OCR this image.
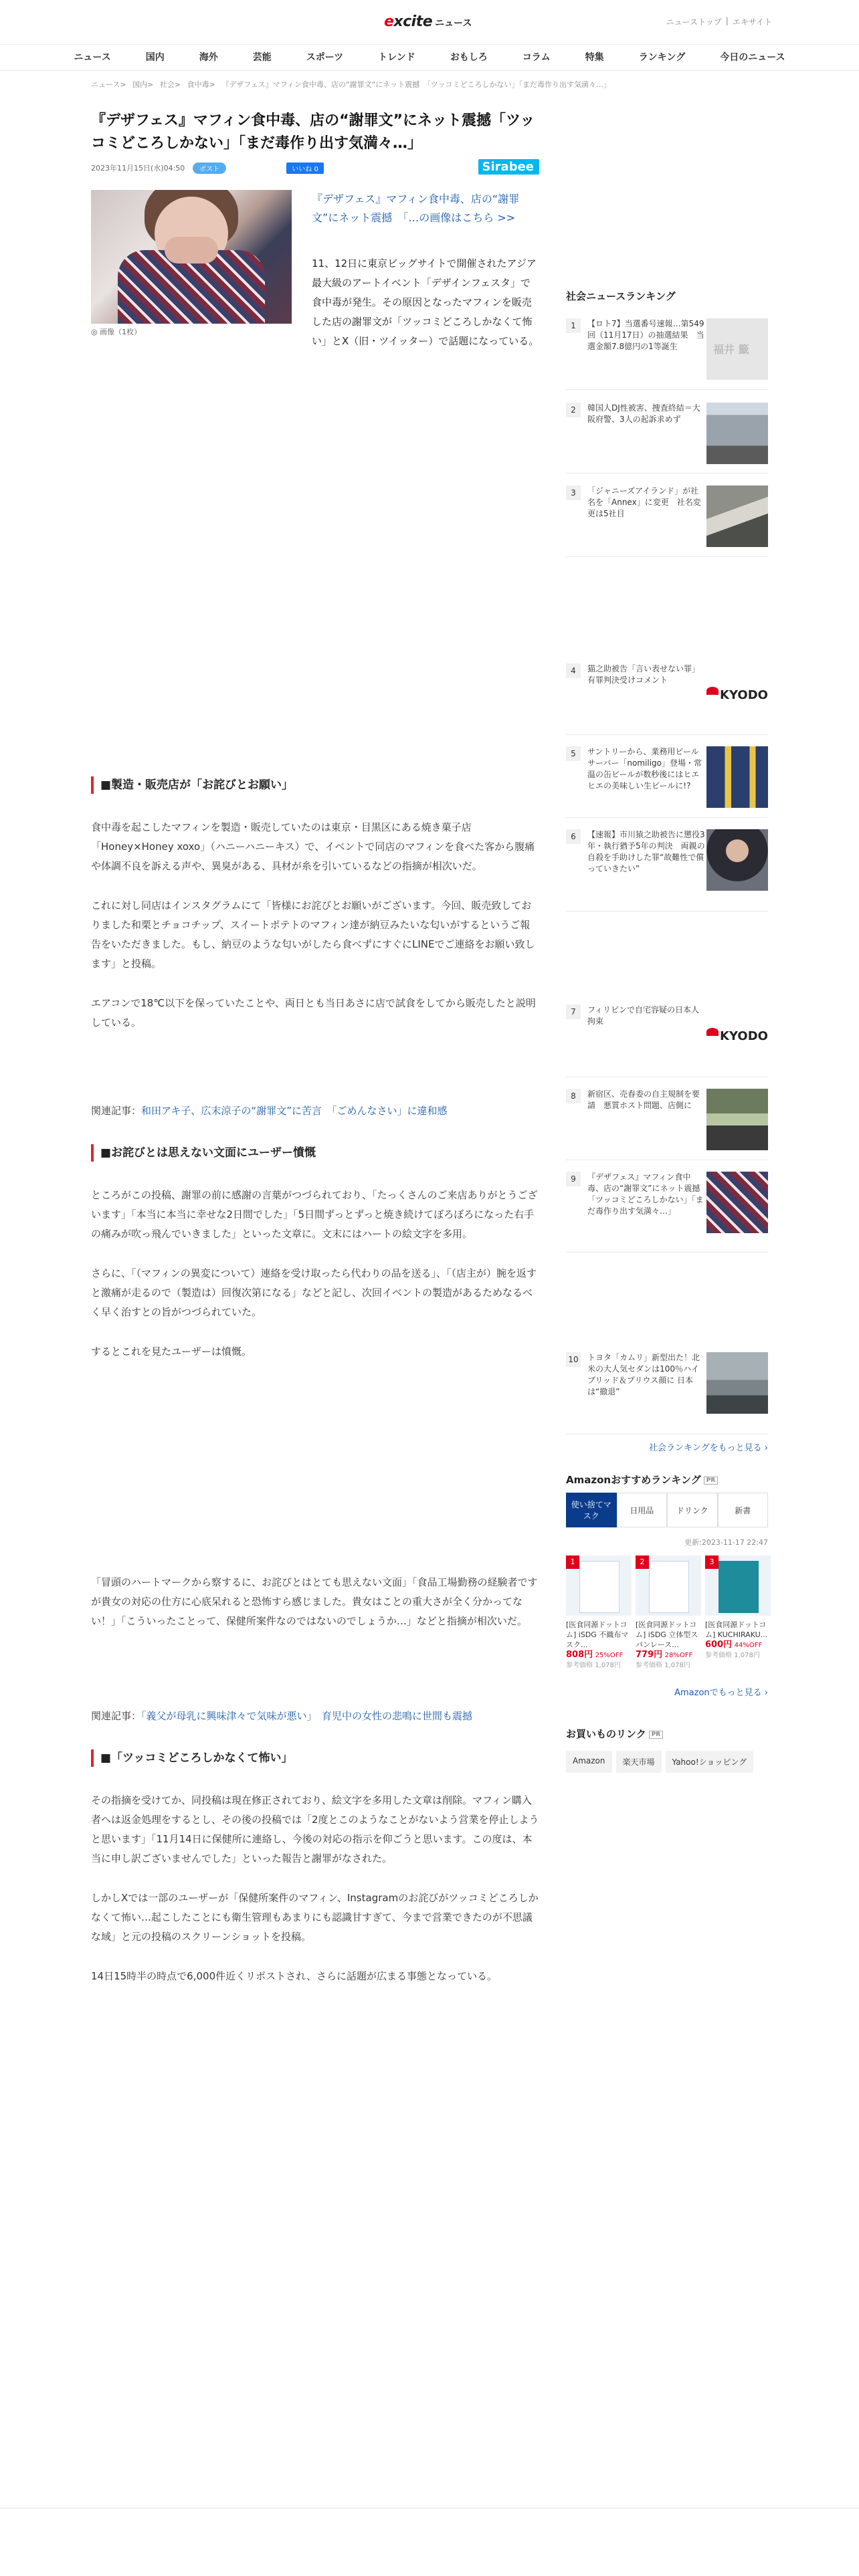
excite ニュース	ニューストップ | エキサイト
ニュース	国内	海外	芸能	スポーツ	トレンド	おもしろ	コラム	特集	ランキング	今日のニュース
ニュース> 国内> 社会> 食中毒> 『デザフェス』マフィン食中毒、店の“謝罪文”にネット震撼　「ツッコミどころしかない」「まだ毒作り出す気満々…」
『デザフェス』マフィン食中毒、店の“謝罪文”にネット震撼「ツッコミどころしかない」「まだ毒作り出す気満々…」
2023年11月15日(水)04:50	ポスト	いいね 0	Sirabee
◎ 画像（1枚）
『デザフェス』マフィン食中毒、店の“謝罪文”にネット震撼　「…の画像はこちら >>

11、12日に東京ビッグサイトで開催されたアジア最大級のアートイベント「デザインフェスタ」で食中毒が発生。その原因となったマフィンを販売した店の謝罪文が「ツッコミどころしかなくて怖い」とX（旧・ツイッター）で話題になっている。

■製造・販売店が「お詫びとお願い」

食中毒を起こしたマフィンを製造・販売していたのは東京・目黒区にある焼き菓子店「Honey×Honey xoxo」（ハニーハニーキス）で、イベントで同店のマフィンを食べた客から腹痛や体調不良を訴える声や、異臭がある、具材が糸を引いているなどの指摘が相次いだ。

これに対し同店はインスタグラムにて「皆様にお詫びとお願いがございます。今回、販売致しておりました和栗とチョコチップ、スイートポテトのマフィン達が納豆みたいな匂いがするというご報告をいただきました。もし、納豆のような匂いがしたら食べずにすぐにLINEでご連絡をお願い致します」と投稿。

エアコンで18℃以下を保っていたことや、両日とも当日あさに店で試食をしてから販売したと説明している。

関連記事：和田アキ子、広末涼子の“謝罪文”に苦言　 「ごめんなさい」に違和感

■お詫びとは思えない文面にユーザー憤慨

ところがこの投稿、謝罪の前に感謝の言葉がつづられており、「たっくさんのご来店ありがとうございます」「本当に本当に幸せな2日間でした」「5日間ずっとずっと焼き続けてぼろぼろになった右手の痛みが吹っ飛んでいきました」といった文章に。文末にはハートの絵文字を多用。

さらに、「（マフィンの異変について）連絡を受け取ったら代わりの品を送る」、「（店主が）腕を返すと激痛が走るので（製造は）回復次第になる」などと記し、次回イベントの製造があるためなるべく早く治すとの旨がつづられていた。

するとこれを見たユーザーは憤慨。

「冒頭のハートマークから察するに、お詫びとはとても思えない文面」「食品工場勤務の経験者ですが貴女の対応の仕方に心底呆れると恐怖すら感じました。貴女はことの重大さが全く分かってない！」「こういったことって、保健所案件なのではないのでしょうか…」などと指摘が相次いだ。

関連記事：「義父が母乳に興味津々で気味が悪い」　 育児中の女性の悲鳴に世間も震撼

■「ツッコミどころしかなくて怖い」

その指摘を受けてか、同投稿は現在修正されており、絵文字を多用した文章は削除。マフィン購入者へは返金処理をするとし、その後の投稿では「2度とこのようなことがないよう営業を停止しようと思います」「11月14日に保健所に連絡し、今後の対応の指示を仰ごうと思います。この度は、本当に申し訳ございませんでした」といった報告と謝罪がなされた。

しかしXでは一部のユーザーが「保健所案件のマフィン、Instagramのお詫びがツッコミどころしかなくて怖い…起こしたことにも衛生管理もあまりにも認識甘すぎて、今まで営業できたのが不思議な域」と元の投稿のスクリーンショットを投稿。

14日15時半の時点で6,000件近くリポストされ、さらに話題が広まる事態となっている。

社会ニュースランキング
1	【ロト7】当選番号速報…第549回（11月17日）の抽選結果　当選金額7.8億円の1等誕生	福井 籤
2	韓国人DJ性被害、捜査終結＝大阪府警、3人の起訴求めず
3	「ジャニーズアイランド」が社名を「Annex」に変更　社名変更は5社目
4	猫之助被告「言い表せない罪」　有罪判決受けコメント
KYODO
5	サントリーから、業務用ビールサーバー「nomiligo」登場・常温の缶ビールが数秒後にはヒエヒエの美味しい生ビールに!?
6	【速報】市川猿之助被告に懲役3年・執行猶予5年の判決　両親の自殺を手助けした罪“故難性で償っていきたい”
7	フィリピンで自宅容疑の日本人拘束
KYODO
8	新宿区、売春委の自主規制を要請　悪質ホスト問題、店側に
9	『デザフェス』マフィン食中毒、店の“謝罪文”にネット震撼「ツッコミどころしかない」「まだ毒作り出す気満々…」
10 トヨタ「カムリ」新型出た！北米の大人気セダンは100％ハイブリッド＆プリウス顔に 日本は“撤退”
社会ランキングをもっと見る ›
Amazonおすすめランキング PR
使い捨てマスク
日用品	ドリンク	新書
更新:2023-11-17 22:47
1
[医食同源ドットコム] iSDG 不織布マスク...
808円 25%OFF
参考価格 1,078円
2
[医食同源ドットコム] iSDG 立体型スパンレース...
779円 28%OFF
参考価格 1,078円
3
[医食同源ドットコム] KUCHIRAKU...
600円 44%OFF
参考価格 1,078円
Amazonでもっと見る ›
お買いものリンク PR
Amazon	楽天市場	Yahoo!ショッピング
